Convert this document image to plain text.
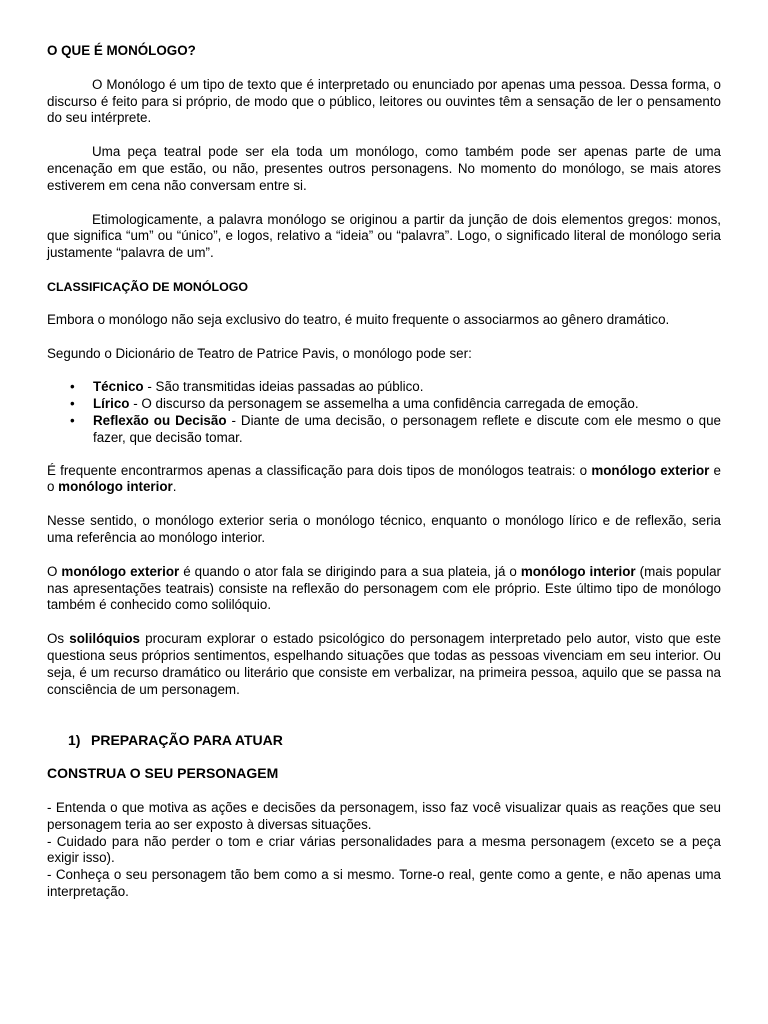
O QUE É MONÓLOGO?

O Monólogo é um tipo de texto que é interpretado ou enunciado por apenas uma pessoa. Dessa forma, o discurso é feito para si próprio, de modo que o público, leitores ou ouvintes têm a sensação de ler o pensamento do seu intérprete.

Uma peça teatral pode ser ela toda um monólogo, como também pode ser apenas parte de uma encenação em que estão, ou não, presentes outros personagens. No momento do monólogo, se mais atores estiverem em cena não conversam entre si.

Etimologicamente, a palavra monólogo se originou a partir da junção de dois elementos gregos: monos, que significa “um” ou “único”, e logos, relativo a “ideia” ou “palavra”. Logo, o significado literal de monólogo seria justamente “palavra de um”.

CLASSIFICAÇÃO DE MONÓLOGO

Embora o monólogo não seja exclusivo do teatro, é muito frequente o associarmos ao gênero dramático.

Segundo o Dicionário de Teatro de Patrice Pavis, o monólogo pode ser:

• Técnico - São transmitidas ideias passadas ao público.
• Lírico - O discurso da personagem se assemelha a uma confidência carregada de emoção.
• Reflexão ou Decisão - Diante de uma decisão, o personagem reflete e discute com ele mesmo o que fazer, que decisão tomar.

É frequente encontrarmos apenas a classificação para dois tipos de monólogos teatrais: o monólogo exterior e o monólogo interior.

Nesse sentido, o monólogo exterior seria o monólogo técnico, enquanto o monólogo lírico e de reflexão, seria uma referência ao monólogo interior.

O monólogo exterior é quando o ator fala se dirigindo para a sua plateia, já o monólogo interior (mais popular nas apresentações teatrais) consiste na reflexão do personagem com ele próprio. Este último tipo de monólogo também é conhecido como solilóquio.

Os solilóquios procuram explorar o estado psicológico do personagem interpretado pelo autor, visto que este questiona seus próprios sentimentos, espelhando situações que todas as pessoas vivenciam em seu interior. Ou seja, é um recurso dramático ou literário que consiste em verbalizar, na primeira pessoa, aquilo que se passa na consciência de um personagem.

1) PREPARAÇÃO PARA ATUAR
CONSTRUA O SEU PERSONAGEM

- Entenda o que motiva as ações e decisões da personagem, isso faz você visualizar quais as reações que seu personagem teria ao ser exposto à diversas situações.

- Cuidado para não perder o tom e criar várias personalidades para a mesma personagem (exceto se a peça exigir isso).

- Conheça o seu personagem tão bem como a si mesmo. Torne-o real, gente como a gente, e não apenas uma interpretação.
